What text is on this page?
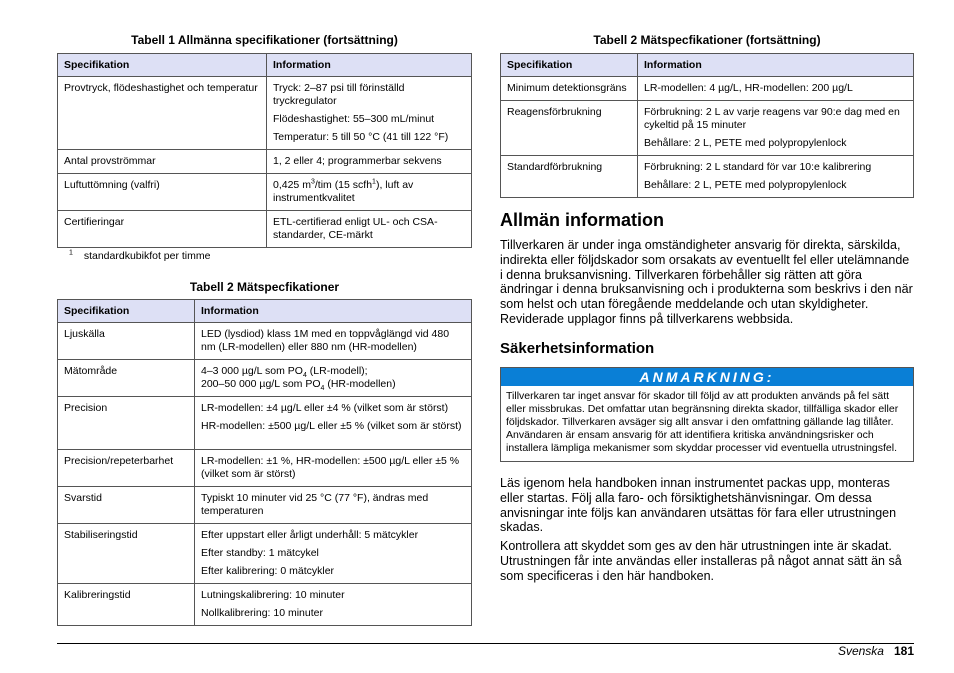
Tabell 1 Allmänna specifikationer (fortsättning)
Specifikation	Information

Provtryck, flödeshastighet och temperatur	Tryck: 2–87 psi till förinställd tryckregulator

Flödeshastighet: 55–300 mL/minut

Temperatur: 5 till 50 °C (41 till 122 °F)

Antal provströmmar	1, 2 eller 4; programmerbar sekvens

Luftuttömning (valfri)	0,425 $m^3$/tim (15 scfh$^1$), luft av instrumentkvalitet

Certifieringar	ETL-certifierad enligt UL- och CSA-standarder, CE-märkt

$^1$ standardkubikfot per timme
Tabell 2 Mätspecfikationer
Specifikation	Information

Ljuskälla	LED (lysdiod) klass 1M med en toppvåglängd vid 480 nm (LR-modellen) eller 880 nm (HR-modellen)

Mätområde	4–3 000 µg/L som $PO_4$ (LR-modell);
200–50 000 µg/L som $PO_4$ (HR-modellen)

Precision	LR-modellen: ±4 µg/L eller ±4 % (vilket som är störst)

HR-modellen: ±500 µg/L eller ±5 % (vilket som är störst)

Precision/repeterbarhet	LR-modellen: ±1 %, HR-modellen: ±500 µg/L eller ±5 % (vilket som är störst)

Svarstid	Typiskt 10 minuter vid 25 °C (77 °F), ändras med temperaturen

Stabiliseringstid	Efter uppstart eller årligt underhåll: 5 mätcykler

Efter standby: 1 mätcykel

Efter kalibrering: 0 mätcykler

Kalibreringstid	Lutningskalibrering: 10 minuter

Nollkalibrering: 10 minuter

Tabell 2 Mätspecfikationer (fortsättning)
Specifikation	Information

Minimum detektionsgräns	LR-modellen: 4 µg/L, HR-modellen: 200 µg/L

Reagensförbrukning	Förbrukning: 2 L av varje reagens var 90:e dag med en cykeltid på 15 minuter

Behållare: 2 L, PETE med polypropylenlock

Standardförbrukning	Förbrukning: 2 L standard för var 10:e kalibrering

Behållare: 2 L, PETE med polypropylenlock

Allmän information

Tillverkaren är under inga omständigheter ansvarig för direkta, särskilda, indirekta eller följdskador som orsakats av eventuellt fel eller utelämnande i denna bruksanvisning. Tillverkaren förbehåller sig rätten att göra ändringar i denna bruksanvisning och i produkterna som beskrivs i den när som helst och utan föregående meddelande och utan skyldigheter. Reviderade upplagor finns på tillverkarens webbsida.

Säkerhetsinformation
ANMARKNING:
Tillverkaren tar inget ansvar för skador till följd av att produkten används på fel sätt eller missbrukas. Det omfattar utan begränsning direkta skador, tillfälliga skador eller följdskador. Tillverkaren avsäger sig allt ansvar i den omfattning gällande lag tillåter. Användaren är ensam ansvarig för att identifiera kritiska användningsrisker och installera lämpliga mekanismer som skyddar processer vid eventuella utrustningsfel.

Läs igenom hela handboken innan instrumentet packas upp, monteras eller startas. Följ alla faro- och försiktighetshänvisningar. Om dessa anvisningar inte följs kan användaren utsättas för fara eller utrustningen skadas.

Kontrollera att skyddet som ges av den här utrustningen inte är skadat. Utrustningen får inte användas eller installeras på något annat sätt än så som specificeras i den här handboken.

Svenska 181
